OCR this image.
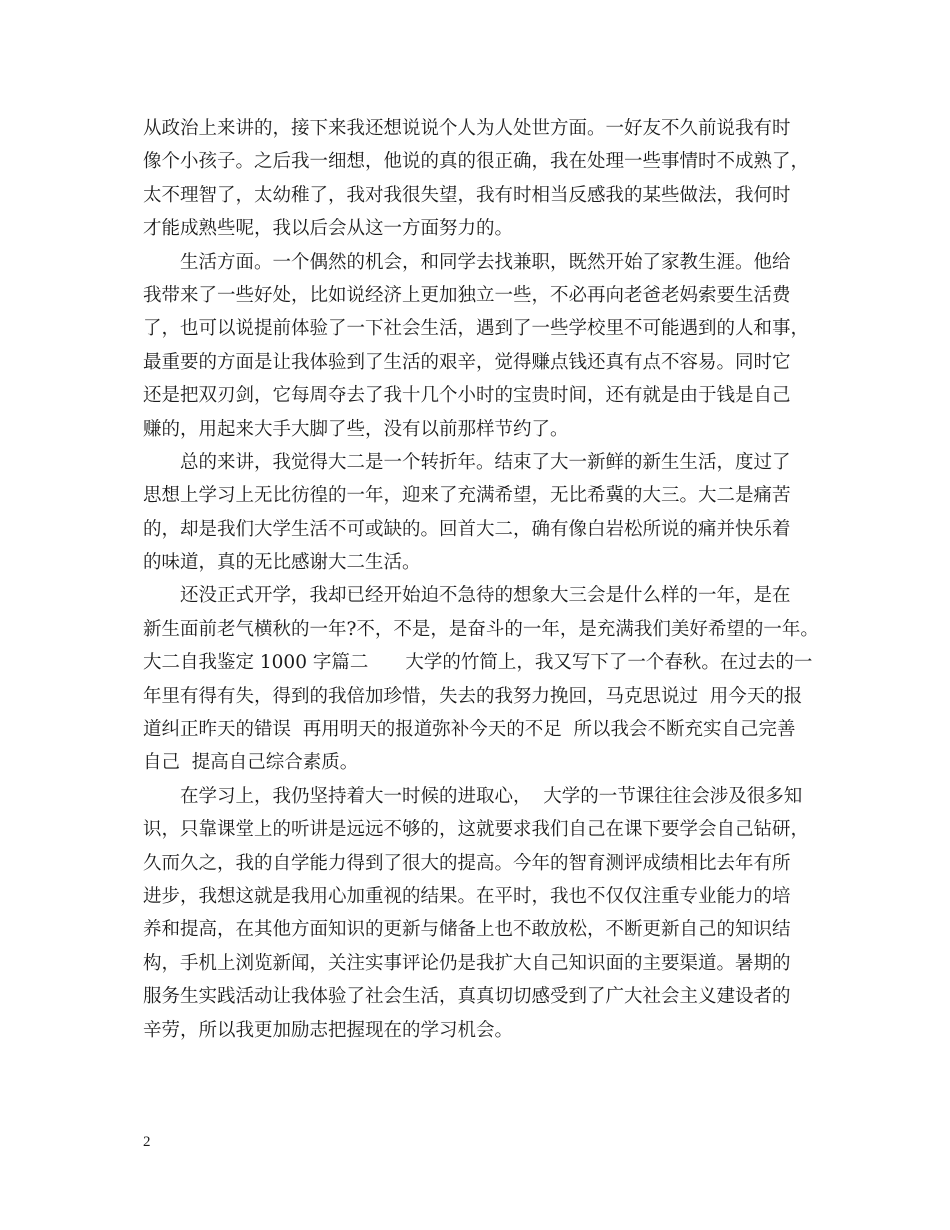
从政治上来讲的，接下来我还想说说个人为人处世方面。一好友不久前说我有时
像个小孩子。之后我一细想，他说的真的很正确，我在处理一些事情时不成熟了，
太不理智了，太幼稚了，我对我很失望，我有时相当反感我的某些做法，我何时
才能成熟些呢，我以后会从这一方面努力的。
生活方面。一个偶然的机会，和同学去找兼职，既然开始了家教生涯。他给
我带来了一些好处，比如说经济上更加独立一些，不必再向老爸老妈索要生活费
了，也可以说提前体验了一下社会生活，遇到了一些学校里不可能遇到的人和事，
最重要的方面是让我体验到了生活的艰辛，觉得赚点钱还真有点不容易。同时它
还是把双刃剑，它每周夺去了我十几个小时的宝贵时间，还有就是由于钱是自己
赚的，用起来大手大脚了些，没有以前那样节约了。
总的来讲，我觉得大二是一个转折年。结束了大一新鲜的新生生活，度过了
思想上学习上无比彷徨的一年，迎来了充满希望，无比希冀的大三。大二是痛苦
的，却是我们大学生活不可或缺的。回首大二，确有像白岩松所说的痛并快乐着
的味道，真的无比感谢大二生活。
还没正式开学，我却已经开始迫不急待的想象大三会是什么样的一年，是在
新生面前老气横秋的一年?不，不是，是奋斗的一年，是充满我们美好希望的一年。
大二自我鉴定 1000 字篇二　　大学的竹简上，我又写下了一个春秋。在过去的一
年里有得有失，得到的我倍加珍惜，失去的我努力挽回，马克思说过  用今天的报
道纠正昨天的错误  再用明天的报道弥补今天的不足  所以我会不断充实自己完善
自己  提高自己综合素质。
在学习上，我仍坚持着大一时候的进取心，  大学的一节课往往会涉及很多知
识，只靠课堂上的听讲是远远不够的，这就要求我们自己在课下要学会自己钻研，
久而久之，我的自学能力得到了很大的提高。今年的智育测评成绩相比去年有所
进步，我想这就是我用心加重视的结果。在平时，我也不仅仅注重专业能力的培
养和提高，在其他方面知识的更新与储备上也不敢放松，不断更新自己的知识结
构，手机上浏览新闻，关注实事评论仍是我扩大自己知识面的主要渠道。暑期的
服务生实践活动让我体验了社会生活，真真切切感受到了广大社会主义建设者的
辛劳，所以我更加励志把握现在的学习机会。
2
